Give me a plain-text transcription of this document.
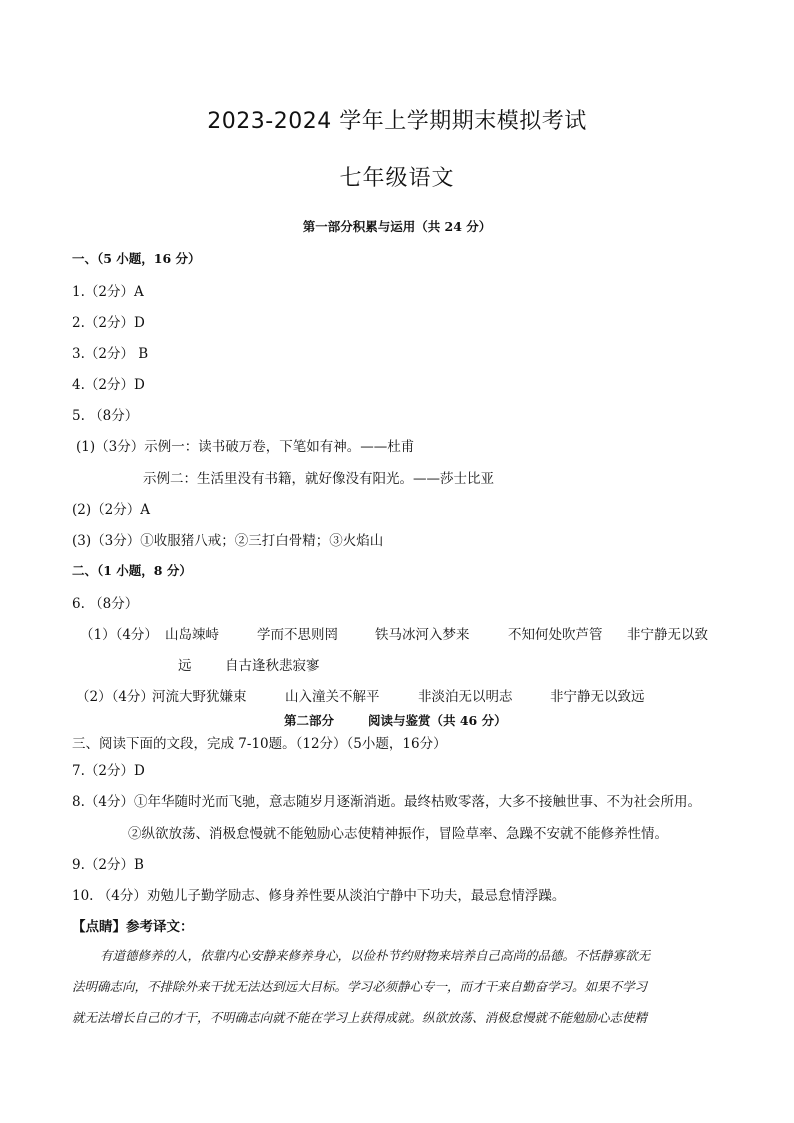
2023-2024 学年上学期期末模拟考试
七年级语文
第一部分积累与运用（共 24 分）
一、（5 小题，16 分）
1.（2分）A
2.（2分）D
3.（2分） B
4.（2分）D
5. （8分）
(1)（3分）示例一：读书破万卷，下笔如有神。——杜甫
示例二：生活里没有书籍，就好像没有阳光。——莎士比亚
(2)（2分）A
(3)（3分）①收服猪八戒；②三打白骨精；③火焰山
二、（1 小题，8 分）
6. （8分）
（1）（4分） 山岛竦峙	学而不思则罔	铁马冰河入梦来	不知何处吹芦管 非宁静无以致
远 自古逢秋悲寂寥
（2）（4分）
河流大野犹嫌束	山入潼关不解平	非淡泊无以明志	非宁静无以致远
第二部分	阅读与鉴赏（共 46 分）
三、阅读下面的文段，完成 7-10题。（12分）（5小题，16分）
7.（2分）D
8.（4分）①年华随时光而飞驰，意志随岁月逐渐消逝。最终枯败零落，大多不接触世事、不为社会所用。
②纵欲放荡、消极怠慢就不能勉励心志使精神振作，冒险草率、急躁不安就不能修养性情。
9.（2分）B
10. （4分）劝勉儿子勤学励志、修身养性要从淡泊宁静中下功夫，最忌怠情浮躁。
【点睛】参考译文：
有道德修养的人，依靠内心安静来修养身心，以俭朴节约财物来培养自己高尚的品德。不恬静寡欲无
法明确志向，不排除外来干扰无法达到远大目标。学习必须静心专一，而才干来自勤奋学习。如果不学习
就无法增长自己的才干，不明确志向就不能在学习上获得成就。纵欲放荡、消极怠慢就不能勉励心志使精
